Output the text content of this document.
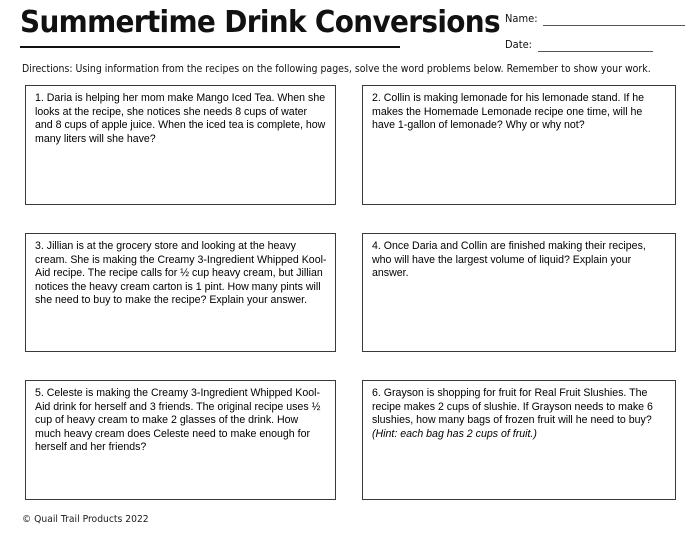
Summertime Drink Conversions Name:
Date:
Directions: Using information from the recipes on the following pages, solve the word problems below. Remember to show your work.
1. Daria is helping her mom make Mango Iced Tea. When she looks at the recipe, she notices she needs 8 cups of water and 8 cups of apple juice. When the iced tea is complete, how many liters will she have?
2. Collin is making lemonade for his lemonade stand. If he makes the Homemade Lemonade recipe one time, will he have 1-gallon of lemonade? Why or why not?
3. Jillian is at the grocery store and looking at the heavy cream. She is making the Creamy 3-Ingredient Whipped Kool-Aid recipe. The recipe calls for ½ cup heavy cream, but Jillian notices the heavy cream carton is 1 pint. How many pints will she need to buy to make the recipe? Explain your answer.
4. Once Daria and Collin are finished making their recipes, who will have the largest volume of liquid? Explain your answer.
5. Celeste is making the Creamy 3-Ingredient Whipped Kool-Aid drink for herself and 3 friends. The original recipe uses ½ cup of heavy cream to make 2 glasses of the drink. How much heavy cream does Celeste need to make enough for herself and her friends?
6. Grayson is shopping for fruit for Real Fruit Slushies. The recipe makes 2 cups of slushie. If Grayson needs to make 6 slushies, how many bags of frozen fruit will he need to buy? (Hint: each bag has 2 cups of fruit.)
© Quail Trail Products 2022
